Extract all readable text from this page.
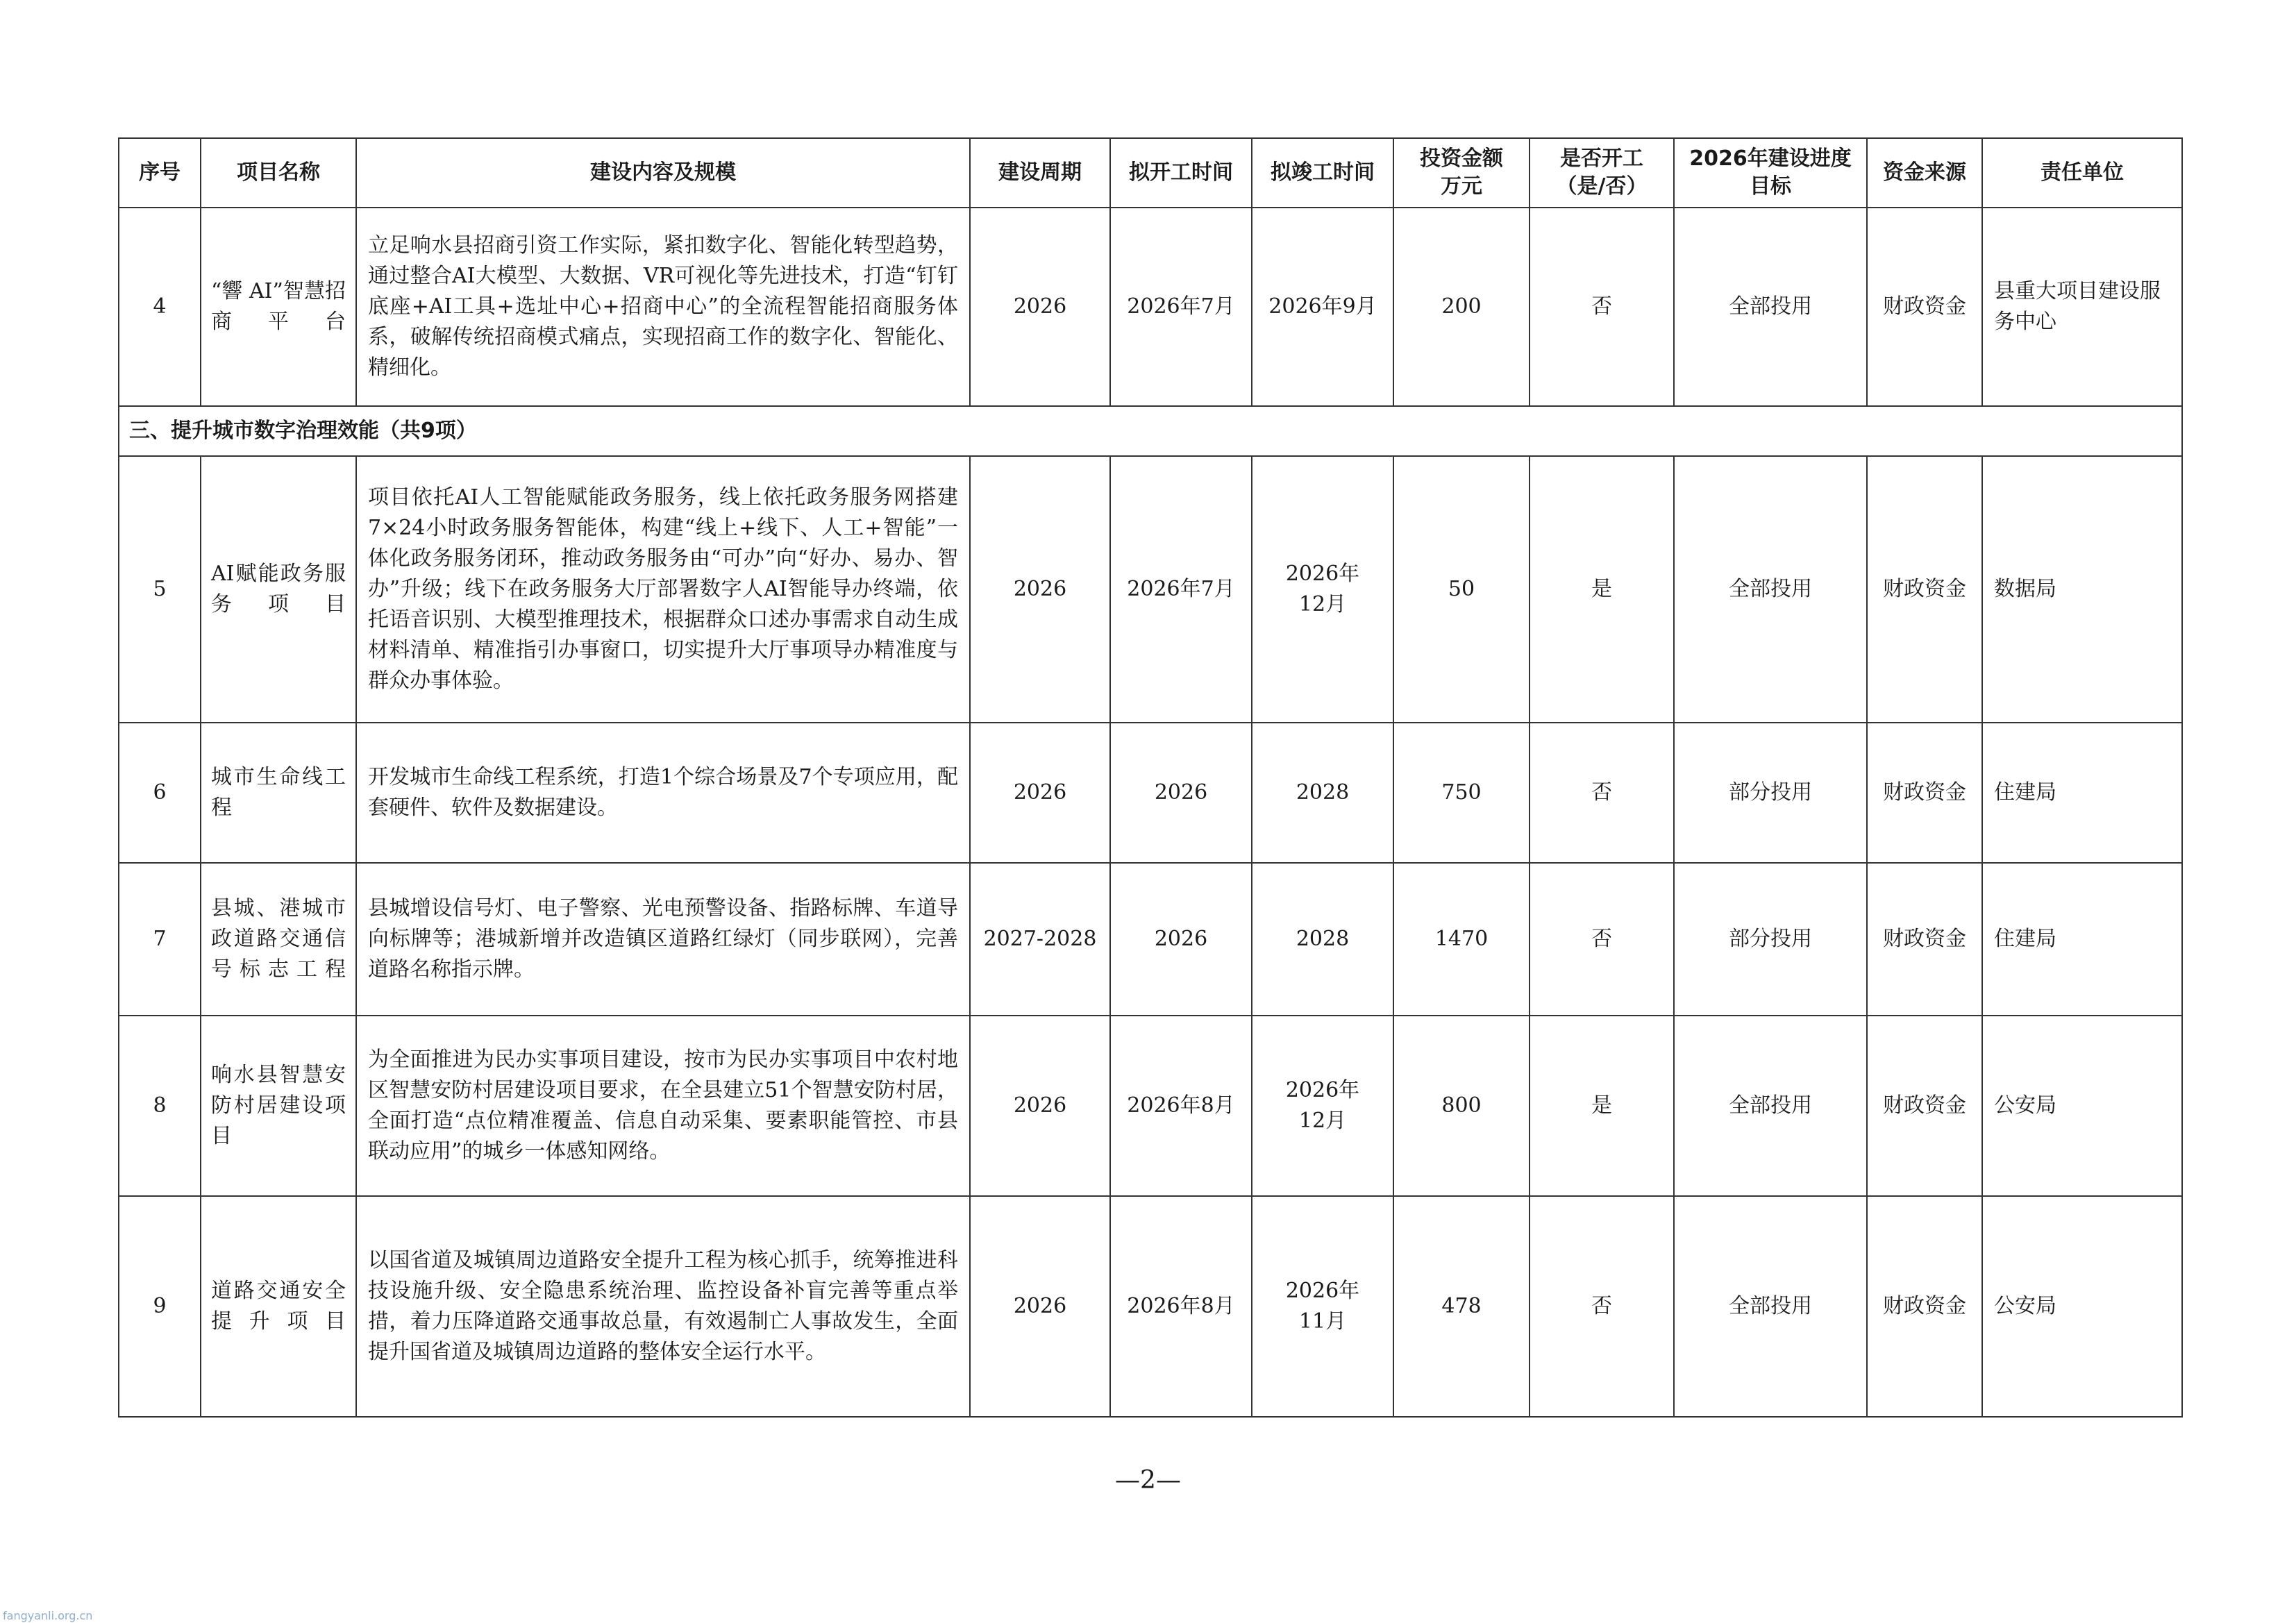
序号	项目名称	建设内容及规模	建设周期	拟开工时间	拟竣工时间	投资金额万元	是否开工（是/否）	2026年建设进度目标	资金来源	责任单位
4	“響 AI”智慧招商平台	立足响水县招商引资工作实际，紧扣数字化、智能化转型趋势，通过整合AI大模型、大数据、VR可视化等先进技术，打造“钉钉底座+AI工具+选址中心+招商中心”的全流程智能招商服务体系，破解传统招商模式痛点，实现招商工作的数字化、智能化、精细化。	2026	2026年7月	2026年9月	200	否	全部投用	财政资金	县重大项目建设服务中心
三、提升城市数字治理效能（共9项）										
5	AI赋能政务服务项目	项目依托AI人工智能赋能政务服务，线上依托政务服务网搭建7×24小时政务服务智能体，构建“线上+线下、人工+智能”一体化政务服务闭环，推动政务服务由“可办”向“好办、易办、智办”升级；线下在政务服务大厅部署数字人AI智能导办终端，依托语音识别、大模型推理技术，根据群众口述办事需求自动生成材料清单、精准指引办事窗口，切实提升大厅事项导办精准度与群众办事体验。	2026	2026年7月	2026年12月	50	是	全部投用	财政资金	数据局
6	城市生命线工程	开发城市生命线工程系统，打造1个综合场景及7个专项应用，配套硬件、软件及数据建设。	2026	2026	2028	750	否	部分投用	财政资金	住建局
7	县城、港城市政道路交通信号标志工程	县城增设信号灯、电子警察、光电预警设备、指路标牌、车道导向标牌等；港城新增并改造镇区道路红绿灯（同步联网），完善道路名称指示牌。	2027-2028	2026	2028	1470	否	部分投用	财政资金	住建局
8	响水县智慧安防村居建设项目	为全面推进为民办实事项目建设，按市为民办实事项目中农村地区智慧安防村居建设项目要求，在全县建立51个智慧安防村居，全面打造“点位精准覆盖、信息自动采集、要素职能管控、市县联动应用”的城乡一体感知网络。	2026	2026年8月	2026年12月	800	是	全部投用	财政资金	公安局
9	道路交通安全提升项目	以国省道及城镇周边道路安全提升工程为核心抓手，统筹推进科技设施升级、安全隐患系统治理、监控设备补盲完善等重点举措，着力压降道路交通事故总量，有效遏制亡人事故发生，全面提升国省道及城镇周边道路的整体安全运行水平。	2026	2026年8月	2026年11月	478	否	全部投用	财政资金	公安局
—2—
fangyanli.org.cn
